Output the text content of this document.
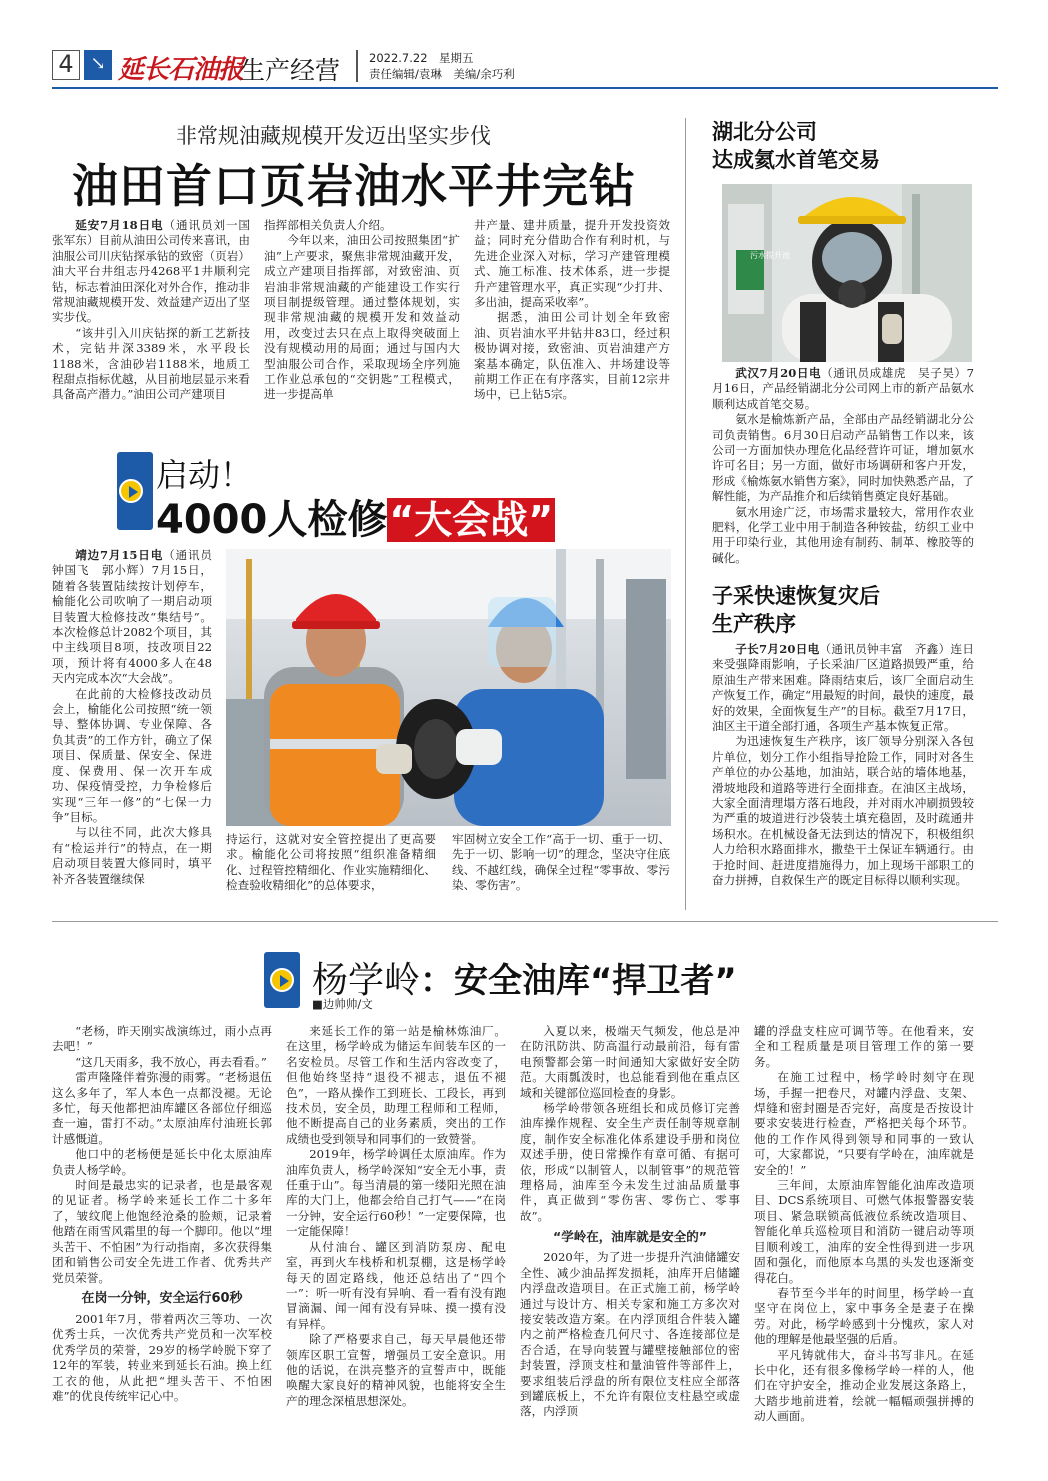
4 ↘ 延长石油报
生产经营	2022.7.22　星期五
责任编辑/袁琳　美编/余巧利
非常规油藏规模开发迈出坚实步伐
油田首口页岩油水平井完钻

延安7月18日电（通讯员刘一国　张军东）目前从油田公司传来喜讯，由油服公司川庆钻探承钻的致密（页岩）油大平台井组志丹4268平1井顺利完钻，标志着油田深化对外合作，推动非常规油藏规模开发、效益建产迈出了坚实步伐。

“该井引入川庆钻探的新工艺新技术，完钻井深3389米，水平段长1188米，含油砂岩1188米，地质工程甜点指标优越，从目前地层显示来看具备高产潜力。”油田公司产建项目

指挥部相关负责人介绍。

今年以来，油田公司按照集团“扩油”上产要求，聚焦非常规油藏开发，成立产建项目指挥部，对致密油、页岩油非常规油藏的产能建设工作实行项目制提级管理。通过整体规划，实现非常规油藏的规模开发和效益动用，改变过去只在点上取得突破面上没有规模动用的局面；通过与国内大型油服公司合作，采取现场全序列施工作业总承包的“交钥匙”工程模式，进一步提高单

井产量、建井质量，提升开发投资效益；同时充分借助合作有利时机，与先进企业深入对标，学习产建管理模式、施工标准、技术体系，进一步提升产建管理水平，真正实现“少打井、多出油，提高采收率”。

据悉，油田公司计划全年致密油、页岩油水平井钻井83口，经过积极协调对接，致密油、页岩油建产方案基本确定，队伍准入、井场建设等前期工作正在有序落实，目前12宗井场中，已上钻5宗。

启动！
4000人检修“大会战”

靖边7月15日电（通讯员钟国飞　郭小辉）7月15日，随着各装置陆续按计划停车，榆能化公司吹响了一期启动项目装置大检修技改“集结号”。本次检修总计2082个项目，其中主线项目8项，技改项目22项，预计将有4000多人在48天内完成本次“大会战”。

在此前的大检修技改动员会上，榆能化公司按照“统一领导、整体协调、专业保障、各负其责”的工作方针，确立了保项目、保质量、保安全、保进度、保费用、保一次开车成功、保疫情受控，力争检修后实现“三年一修”的“七保一力争”目标。

与以往不同，此次大修具有“检运并行”的特点，在一期启动项目装置大修同时，填平补齐各装置继续保

持运行，这就对安全管控提出了更高要求。榆能化公司将按照“组织准备精细化、过程管控精细化、作业实施精细化、检查验收精细化”的总体要求，

牢固树立安全工作“高于一切、重于一切、先于一切、影响一切”的理念，坚决守住底线、不越红线，确保全过程“零事故、零污染、零伤害”。

湖北分公司
达成氦水首笔交易
污水提升池

武汉7月20日电（通讯员成雄虎　吴子昊）7月16日，产品经销湖北分公司网上市的新产品氨水顺利达成首笔交易。

氨水是榆炼新产品，全部由产品经销湖北分公司负责销售。6月30日启动产品销售工作以来，该公司一方面加快办理危化品经营许可证，增加氨水许可名目；另一方面，做好市场调研和客户开发，形成《榆炼氨水销售方案》，同时加快熟悉产品，了解性能，为产品推介和后续销售奠定良好基础。

氨水用途广泛，市场需求量较大，常用作农业肥料，化学工业中用于制造各种铵盐，纺织工业中用于印染行业，其他用途有制药、制革、橡胶等的碱化。

子采快速恢复灾后
生产秩序

子长7月20日电（通讯员钟丰富　齐鑫）连日来受强降雨影响，子长采油厂区道路损毁严重，给原油生产带来困难。降雨结束后，该厂全面启动生产恢复工作，确定“用最短的时间，最快的速度，最好的效果，全面恢复生产”的目标。截至7月17日，油区主干道全部打通，各项生产基本恢复正常。

为迅速恢复生产秩序，该厂领导分别深入各包片单位，划分工作小组指导抢险工作，同时对各生产单位的办公基地，加油站，联合站的墙体地基，滑坡地段和道路等进行全面排查。在油区主战场，大家全面清理塌方落石地段，并对雨水冲刷损毁较为严重的坡道进行沙袋装土填充稳固，及时疏通井场积水。在机械设备无法到达的情况下，积极组织人力给积水路面排水，撒垫干土保证车辆通行。由于抢时间、赶进度措施得力，加上现场干部职工的奋力拼搏，自救保生产的既定目标得以顺利实现。

杨学岭：安全油库“捍卫者”
■边帅帅/文

“老杨，昨天刚实战演练过，雨小点再去吧！”

“这几天雨多，我不放心，再去看看。”

雷声隆隆伴着弥漫的雨雾。“老杨退伍这么多年了，军人本色一点都没褪。无论多忙，每天他都把油库罐区各部位仔细巡查一遍，雷打不动。”太原油库付油班长郭计感慨道。

他口中的老杨便是延长中化太原油库负责人杨学岭。

时间是最忠实的记录者，也是最客观的见证者。杨学岭来延长工作二十多年了，皱纹爬上他饱经沧桑的脸颊，记录着他踏在雨雪风霜里的每一个脚印。他以“埋头苦干、不怕困”为行动指南，多次获得集团和销售公司安全先进工作者、优秀共产党员荣誉。

在岗一分钟，安全运行60秒

2001年7月，带着两次三等功、一次优秀士兵，一次优秀共产党员和一次军校优秀学员的荣誉，29岁的杨学岭脱下穿了12年的军装，转业来到延长石油。换上红工衣的他，从此把“埋头苦干、不怕困难”的优良传统牢记心中。

来延长工作的第一站是榆林炼油厂。在这里，杨学岭成为储运车间装车区的一名安检员。尽管工作和生活内容改变了，但他始终坚持“退役不褪志，退伍不褪色”，一路从操作工到班长、工段长，再到技术员，安全员，助理工程师和工程师，他不断提高自己的业务素质，突出的工作成绩也受到领导和同事们的一致赞誉。

2019年，杨学岭调任太原油库。作为油库负责人，杨学岭深知“安全无小事，责任重于山”。每当清晨的第一缕阳光照在油库的大门上，他都会给自己打气——“在岗一分钟，安全运行60秒！”一定要保障，也一定能保障！

从付油台、罐区到消防泵房、配电室，再到火车栈桥和机泵棚，这是杨学岭每天的固定路线，他还总结出了“四个一”：听一听有没有异响、看一看有没有跑冒滴漏、闻一闻有没有异味、摸一摸有没有异样。

除了严格要求自己，每天早晨他还带领库区职工宣誓，增强员工安全意识。用他的话说，在洪亮整齐的宣誓声中，既能唤醒大家良好的精神风貌，也能将安全生产的理念深植思想深处。

入夏以来，极端天气频发，他总是冲在防汛防洪、防高温行动最前沿，每有雷电预警都会第一时间通知大家做好安全防范。大雨瓢泼时，也总能看到他在重点区域和关键部位巡回检查的身影。

杨学岭带领各班组长和成员修订完善油库操作规程、安全生产责任制等规章制度，制作安全标准化体系建设手册和岗位双述手册，使日常操作有章可循、有据可依，形成“以制管人，以制管事”的规范管理格局，油库至今未发生过油品质量事件，真正做到“零伤害、零伤亡、零事故”。

“学岭在，油库就是安全的”

2020年，为了进一步提升汽油储罐安全性、减少油品挥发损耗，油库开启储罐内浮盘改造项目。在正式施工前，杨学岭通过与设计方、相关专家和施工方多次对接安装改造方案。在内浮顶组合件装入罐内之前严格检查几何尺寸、各连接部位是否合适，在导向装置与罐壁接触部位的密封装置，浮顶支柱和量油管件等部件上，要求组装后浮盘的所有限位支柱应全部落到罐底板上，不允许有限位支柱悬空或虚落，内浮顶

罐的浮盘支柱应可调节等。在他看来，安全和工程质量是项目管理工作的第一要务。

在施工过程中，杨学岭时刻守在现场，手握一把卷尺，对罐内浮盘、支架、焊缝和密封圈是否完好，高度是否按设计要求安装进行检查，严格把关每个环节。他的工作作风得到领导和同事的一致认可，大家都说，“只要有学岭在，油库就是安全的！”

三年间，太原油库智能化油库改造项目、DCS系统项目、可燃气体报警器安装项目、紧急联锁高低液位系统改造项目、智能化单兵巡检项目和消防一键启动等项目顺利竣工，油库的安全性得到进一步巩固和强化，而他原本乌黑的头发也逐渐变得花白。

春节至今半年的时间里，杨学岭一直坚守在岗位上，家中事务全是妻子在操劳。对此，杨学岭感到十分愧疚，家人对他的理解是他最坚强的后盾。

平凡铸就伟大，奋斗书写非凡。在延长中化，还有很多像杨学岭一样的人，他们在守护安全，推动企业发展这条路上，大踏步地前进着，绘就一幅幅顽强拼搏的动人画面。
